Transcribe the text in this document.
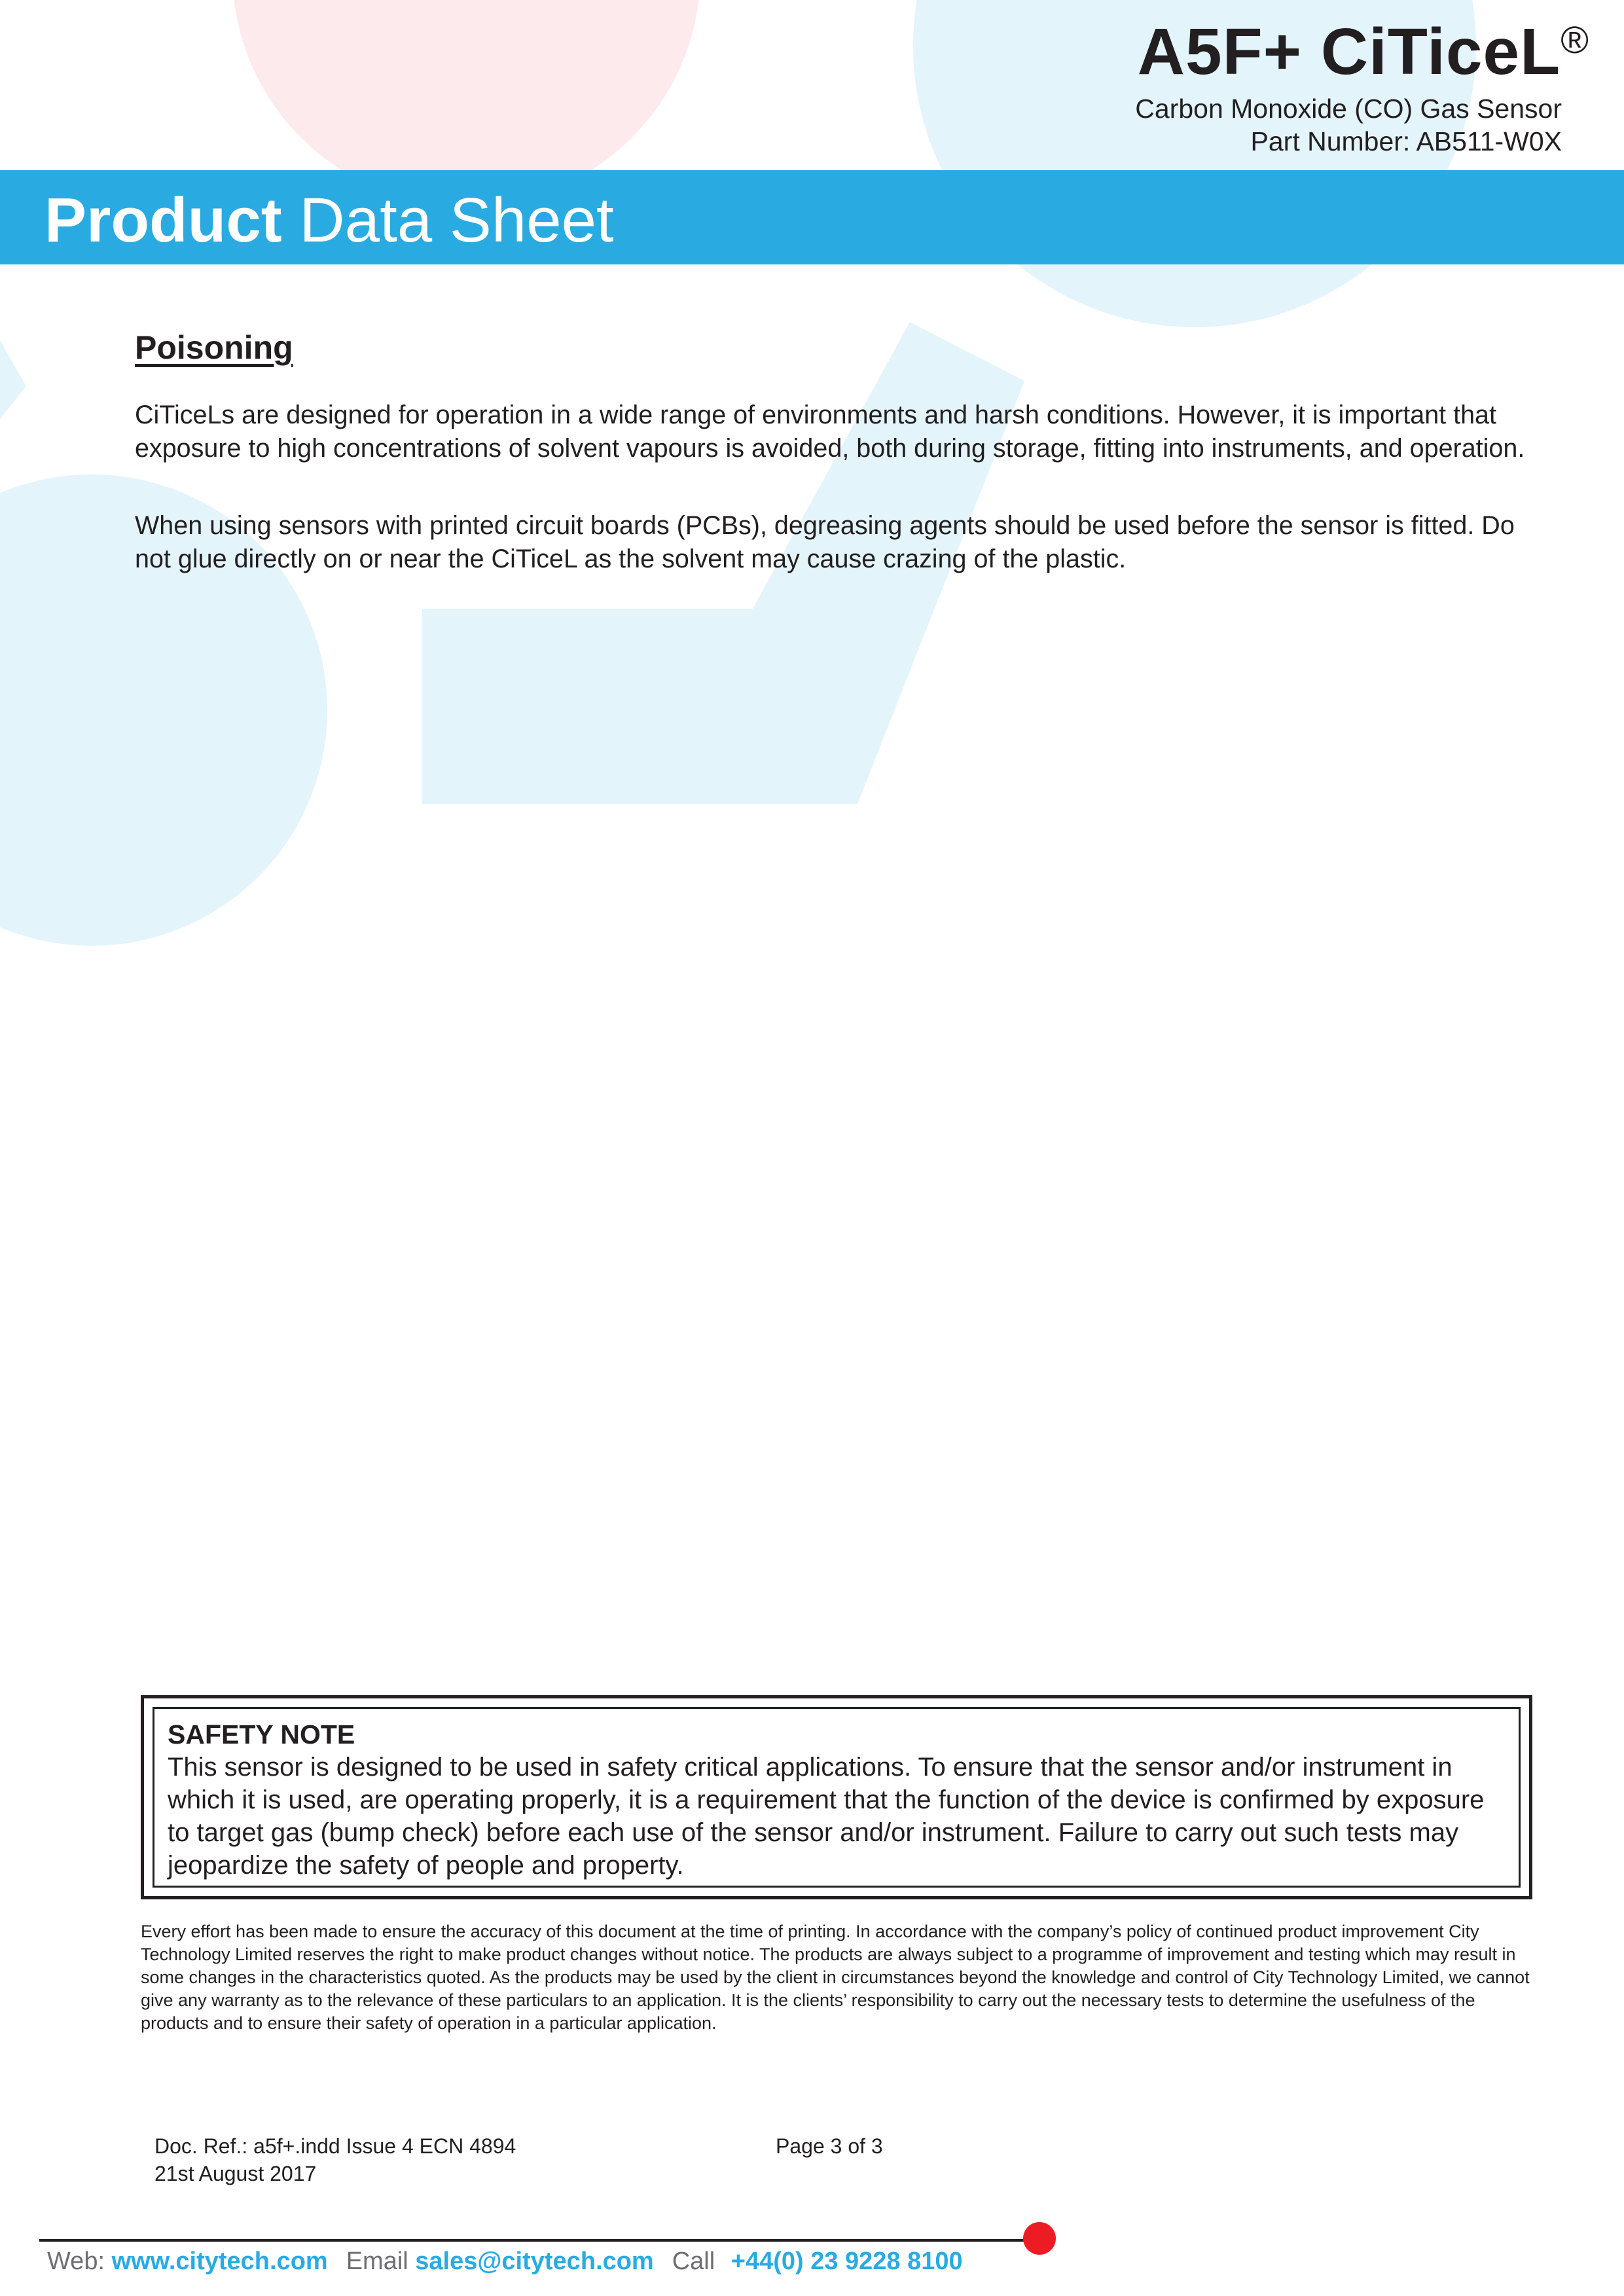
A5F+ CiTiceL®
Carbon Monoxide (CO) Gas Sensor
Part Number: AB511-W0X
Product Data Sheet
Poisoning

CiTiceLs are designed for operation in a wide range of environments and harsh conditions. However, it is important that exposure to high concentrations of solvent vapours is avoided, both during storage, fitting into instruments, and operation.

When using sensors with printed circuit boards (PCBs), degreasing agents should be used before the sensor is fitted. Do not glue directly on or near the CiTiceL as the solvent may cause crazing of the plastic.

SAFETY NOTE

This sensor is designed to be used in safety critical applications. To ensure that the sensor and/or instrument in which it is used, are operating properly, it is a requirement that the function of the device is confirmed by exposure to target gas (bump check) before each use of the sensor and/or instrument. Failure to carry out such tests may jeopardize the safety of people and property.

Every effort has been made to ensure the accuracy of this document at the time of printing. In accordance with the company’s policy of continued product improvement City Technology Limited reserves the right to make product changes without notice. The products are always subject to a programme of improvement and testing which may result in some changes in the characteristics quoted. As the products may be used by the client in circumstances beyond the knowledge and control of City Technology Limited, we cannot give any warranty as to the relevance of these particulars to an application. It is the clients’ responsibility to carry out the necessary tests to determine the usefulness of the products and to ensure their safety of operation in a particular application.

Doc. Ref.: a5f+.indd Issue 4 ECN 4894
21st August 2017
Page 3 of 3
Web: www.citytech.com Email sales@citytech.com Call +44(0) 23 9228 8100
